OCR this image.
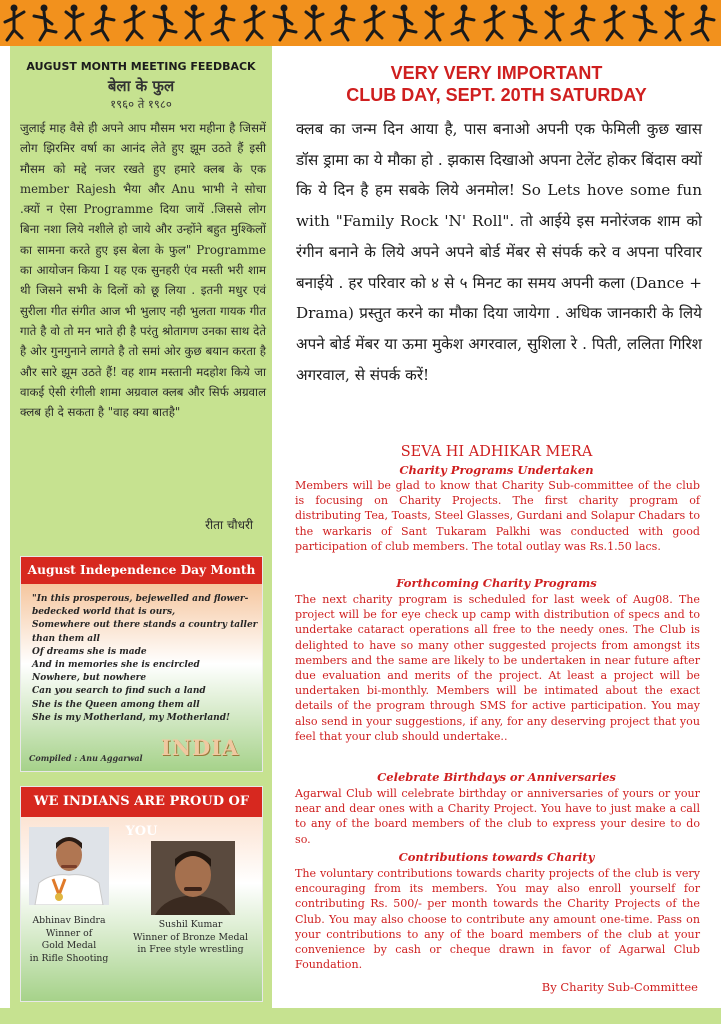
AUGUST MONTH MEETING FEEDBACK
बेला के फुल
१९६० ते १९८०
जुलाई माह वैसे ही अपने आप मौसम भरा महीना है जिसमें लोग झिरमिर वर्षा का आनंद लेते हुए झूम उठते हैं इसी मौसम को मद्दे नजर रखते हुए हमारे क्लब के एक member Rajesh भैया और Anu भाभी ने सोचा .क्यों न ऐसा Programme दिया जायें .जिससे लोग बिना नशा लिये नशीले हो जाये और उन्होंने बहुत मुश्किलों का सामना करते हुए इस बेला के फुल" Programme का आयोजन किया I यह एक सुनहरी एंव मस्ती भरी शाम थी जिसने सभी के दिलों को छू लिया . इतनी मधुर एवं सुरीला गीत संगीत आज भी भुलाए नही भुलता गायक गीत गाते है वो तो मन भाते ही है परंतु श्रोतागण उनका साथ देते है ओर गुनगुनाने लागते है तो समां ओर कुछ बयान करता है और सारे झूम उठते हैं! वह शाम मस्तानी मदहोश किये जा वाकई ऐसी रंगीली शामा अग्रवाल क्लब और सिर्फ अग्रवाल क्लब ही दे सकता है "वाह क्या बातहै"
रीता चौधरी
August Independence Day Month
"In this prosperous, bejewelled and flower-
bedecked world that is ours,
Somewhere out there stands a country taller
than them all
Of dreams she is made
And in memories she is encircled
Nowhere, but nowhere
Can you search to find such a land
She is the Queen among them all
She is my Motherland, my Motherland!
INDIA
Compiled : Anu Aggarwal
WE INDIANS ARE PROUD OF YOU
Abhinav Bindra
Winner of
Gold Medal
in Rifle Shooting
Sushil Kumar
Winner of Bronze Medal
in Free style wrestling
VERY VERY IMPORTANT
CLUB DAY, SEPT. 20TH SATURDAY
क्लब का जन्म दिन आया है, पास बनाओ अपनी एक फेमिली कुछ खास डॉस ड्रामा का ये मौका हो . झकास दिखाओ अपना टेलेंट होकर बिंदास क्यों कि ये दिन है हम सबके लिये अनमोल! So Lets hove some fun with "Family Rock 'N' Roll". तो आईये इस मनोरंजक शाम को रंगीन बनाने के लिये अपने अपने बोर्ड मेंबर से संपर्क करे व अपना परिवार बनाईये . हर परिवार को ४ से ५ मिनट का समय अपनी कला (Dance + Drama) प्रस्तुत करने का मौका दिया जायेगा . अधिक जानकारी के लिये अपने बोर्ड मेंबर या ऊमा मुकेश अगरवाल, सुशिला रे . पिती, ललिता गिरिश अगरवाल, से संपर्क करें!
SEVA HI ADHIKAR MERA
Charity Programs Undertaken
Members will be glad to know that Charity Sub-committee of the club is focusing on Charity Projects. The first charity program of distributing Tea, Toasts, Steel Glasses, Gurdani and Solapur Chadars to the warkaris of Sant Tukaram Palkhi was conducted with good participation of club members. The total outlay was Rs.1.50 lacs.
Forthcoming Charity Programs
The next charity program is scheduled for last week of Aug08. The project will be for eye check up camp with distribution of specs and to undertake cataract operations all free to the needy ones. The Club is delighted to have so many other suggested projects from amongst its members and the same are likely to be undertaken in near future after due evaluation and merits of the project. At least a project will be undertaken bi-monthly. Members will be intimated about the exact details of the program through SMS for active participation. You may also send in your suggestions, if any, for any deserving project that you feel that your club should undertake..
Celebrate Birthdays or Anniversaries
Agarwal Club will celebrate birthday or anniversaries of yours or your near and dear ones with a Charity Project. You have to just make a call to any of the board members of the club to express your desire to do so.
Contributions towards Charity
The voluntary contributions towards charity projects of the club is very encouraging from its members. You may also enroll yourself for contributing Rs. 500/- per month towards the Charity Projects of the Club. You may also choose to contribute any amount one-time. Pass on your contributions to any of the board members of the club at your convenience by cash or cheque drawn in favor of Agarwal Club Foundation.
By Charity Sub-Committee
